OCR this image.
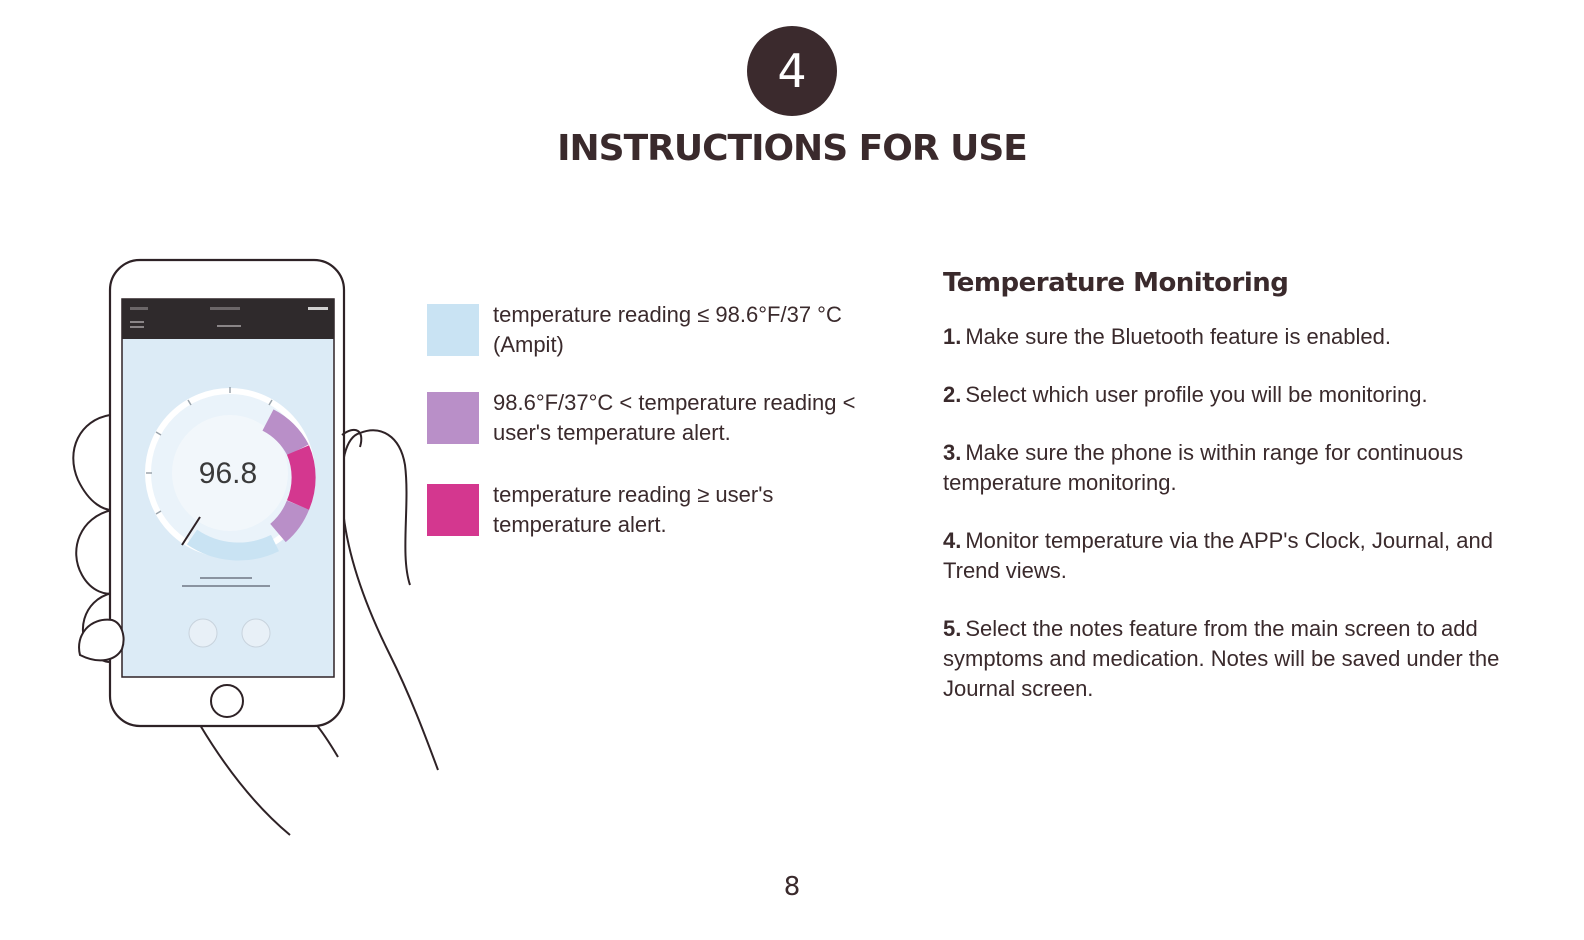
4
INSTRUCTIONS FOR USE
96.8
temperature reading ≤ 98.6°F/37 °C (Ampit)
98.6°F/37°C < temperature reading < user's temperature alert.
temperature reading ≥ user's temperature alert.
Temperature Monitoring
1. Make sure the Bluetooth feature is enabled.
2. Select which user profile you will be monitoring.
3. Make sure the phone is within range for continuous temperature monitoring.
4. Monitor temperature via the APP's Clock, Journal, and Trend views.
5. Select the notes feature from the main screen to add symptoms and medication. Notes will be saved under the Journal screen.
8
